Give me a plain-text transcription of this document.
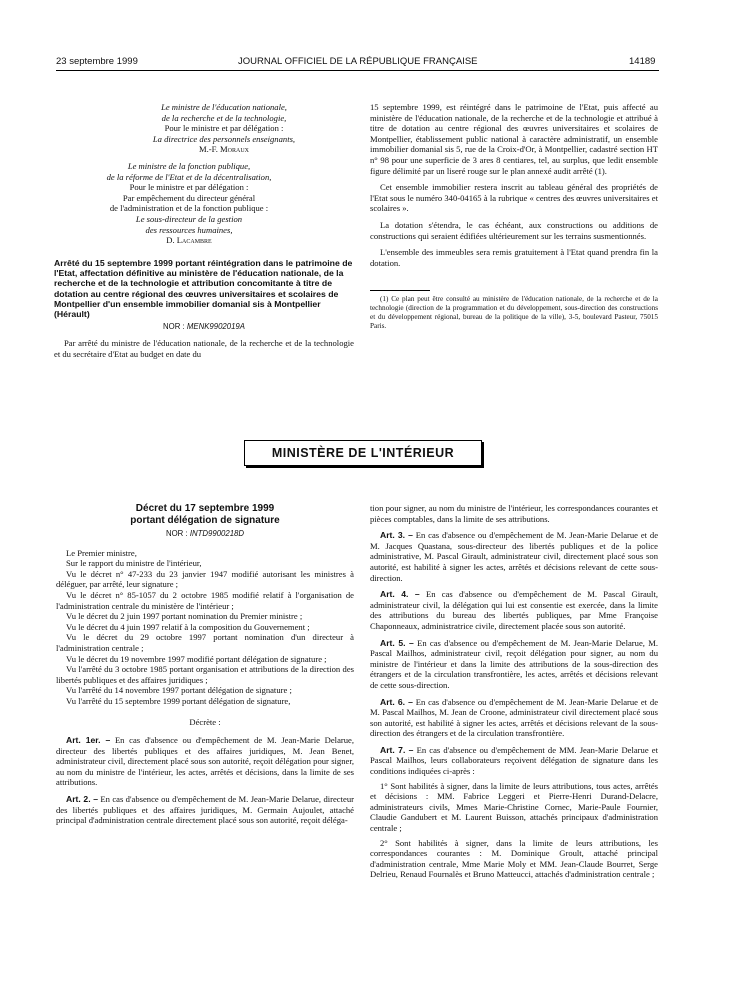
23 septembre 1999	JOURNAL OFFICIEL DE LA RÉPUBLIQUE FRANÇAISE	14189
Le ministre de l'éducation nationale,
de la recherche et de la technologie,
Pour le ministre et par délégation :
La directrice des personnels enseignants,
M.-F. Moraux
Le ministre de la fonction publique,
de la réforme de l'Etat et de la décentralisation,
Pour le ministre et par délégation :
Par empêchement du directeur général
de l'administration et de la fonction publique :
Le sous-directeur de la gestion
des ressources humaines,
D. Lacambre

Arrêté du 15 septembre 1999 portant réintégration dans le patrimoine de l'Etat, affectation définitive au ministère de l'éducation nationale, de la recherche et de la technologie et attribution concomitante à titre de dotation au centre régional des œuvres universitaires et scolaires de Montpellier d'un ensemble immobilier domanial sis à Montpellier (Hérault)

NOR : MENK9902019A

Par arrêté du ministre de l'éducation nationale, de la recherche et de la technologie et du secrétaire d'Etat au budget en date du

15 septembre 1999, est réintégré dans le patrimoine de l'Etat, puis affecté au ministère de l'éducation nationale, de la recherche et de la technologie et attribué à titre de dotation au centre régional des œuvres universitaires et scolaires de Montpellier, établissement public national à caractère administratif, un ensemble immobilier domanial sis 5, rue de la Croix-d'Or, à Montpellier, cadastré section HT n° 98 pour une superficie de 3 ares 8 centiares, tel, au surplus, que ledit ensemble figure délimité par un liseré rouge sur le plan annexé audit arrêté (1).

Cet ensemble immobilier restera inscrit au tableau général des propriétés de l'Etat sous le numéro 340-04165 à la rubrique « centres des œuvres universitaires et scolaires ».

La dotation s'étendra, le cas échéant, aux constructions ou additions de constructions qui seraient édifiées ultérieurement sur les terrains susmentionnés.

L'ensemble des immeubles sera remis gratuitement à l'Etat quand prendra fin la dotation.

(1) Ce plan peut être consulté au ministère de l'éducation nationale, de la recherche et de la technologie (direction de la programmation et du développement, sous-direction des constructions et du développement régional, bureau de la politique de la ville), 3-5, boulevard Pasteur, 75015 Paris.

MINISTÈRE DE L'INTÉRIEUR

Décret du 17 septembre 1999

portant délégation de signature

NOR : INTD9900218D

Le Premier ministre,

Sur le rapport du ministre de l'intérieur,

Vu le décret n° 47-233 du 23 janvier 1947 modifié autorisant les ministres à déléguer, par arrêté, leur signature ;

Vu le décret n° 85-1057 du 2 octobre 1985 modifié relatif à l'organisation de l'administration centrale du ministère de l'intérieur ;

Vu le décret du 2 juin 1997 portant nomination du Premier ministre ;

Vu le décret du 4 juin 1997 relatif à la composition du Gouvernement ;

Vu le décret du 29 octobre 1997 portant nomination d'un directeur à l'administration centrale ;

Vu le décret du 19 novembre 1997 modifié portant délégation de signature ;

Vu l'arrêté du 3 octobre 1985 portant organisation et attributions de la direction des libertés publiques et des affaires juridiques ;

Vu l'arrêté du 14 novembre 1997 portant délégation de signature ;

Vu l'arrêté du 15 septembre 1999 portant délégation de signature,

Décrète :

Art. 1er. – En cas d'absence ou d'empêchement de M. Jean-Marie Delarue, directeur des libertés publiques et des affaires juridiques, M. Jean Benet, administrateur civil, directement placé sous son autorité, reçoit délégation pour signer, au nom du ministre de l'intérieur, les actes, arrêtés et décisions, dans la limite de ses attributions.

Art. 2. – En cas d'absence ou d'empêchement de M. Jean-Marie Delarue, directeur des libertés publiques et des affaires juridiques, M. Germain Aujoulet, attaché principal d'administration centrale directement placé sous son autorité, reçoit déléga-

tion pour signer, au nom du ministre de l'intérieur, les correspondances courantes et pièces comptables, dans la limite de ses attributions.

Art. 3. – En cas d'absence ou d'empêchement de M. Jean-Marie Delarue et de M. Jacques Quastana, sous-directeur des libertés publiques et de la police administrative, M. Pascal Girault, administrateur civil, directement placé sous son autorité, est habilité à signer les actes, arrêtés et décisions relevant de cette sous-direction.

Art. 4. – En cas d'absence ou d'empêchement de M. Pascal Girault, administrateur civil, la délégation qui lui est consentie est exercée, dans la limite des attributions du bureau des libertés publiques, par Mme Françoise Chaponneaux, administratrice civile, directement placée sous son autorité.

Art. 5. – En cas d'absence ou d'empêchement de M. Jean-Marie Delarue, M. Pascal Mailhos, administrateur civil, reçoit délégation pour signer, au nom du ministre de l'intérieur et dans la limite des attributions de la sous-direction des étrangers et de la circulation transfrontière, les actes, arrêtés et décisions relevant de cette sous-direction.

Art. 6. – En cas d'absence ou d'empêchement de M. Jean-Marie Delarue et de M. Pascal Mailhos, M. Jean de Croone, administrateur civil directement placé sous son autorité, est habilité à signer les actes, arrêtés et décisions relevant de la sous-direction des étrangers et de la circulation transfrontière.

Art. 7. – En cas d'absence ou d'empêchement de MM. Jean-Marie Delarue et Pascal Mailhos, leurs collaborateurs reçoivent délégation de signature dans les conditions indiquées ci-après :

1° Sont habilités à signer, dans la limite de leurs attributions, tous actes, arrêtés et décisions : MM. Fabrice Leggeri et Pierre-Henri Durand-Delacre, administrateurs civils, Mmes Marie-Christine Cornec, Marie-Paule Fournier, Claudie Gandubert et M. Laurent Buisson, attachés principaux d'administration centrale ;

2° Sont habilités à signer, dans la limite de leurs attributions, les correspondances courantes : M. Dominique Groult, attaché principal d'administration centrale, Mme Marie Moly et MM. Jean-Claude Bourret, Serge Delrieu, Renaud Fournalès et Bruno Matteucci, attachés d'administration centrale ;
